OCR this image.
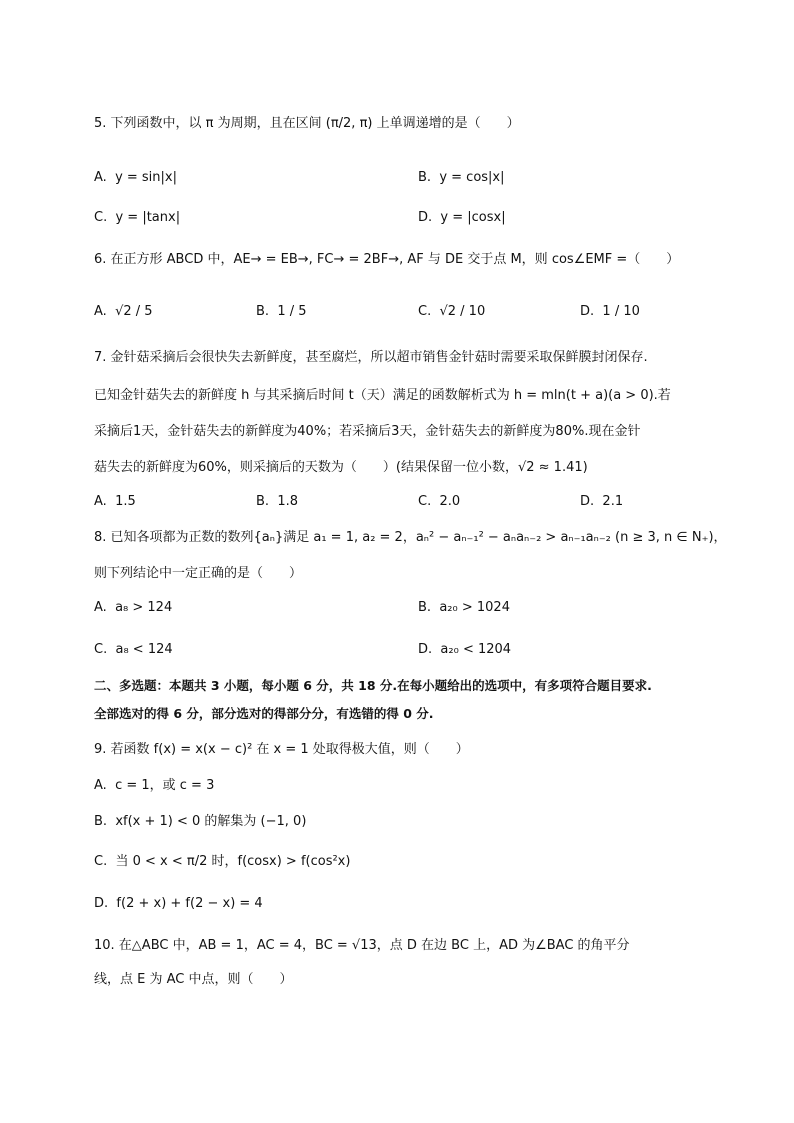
5. 下列函数中，以 π 为周期，且在区间 (π/2, π) 上单调递增的是（　　）
A. y = sin|x|	B. y = cos|x|
C. y = |tanx|	D. y = |cosx|
6. 在正方形 ABCD 中，AE→ = EB→, FC→ = 2BF→, AF 与 DE 交于点 M，则 cos∠EMF =（　　）
A. √2 / 5	B. 1 / 5	C. √2 / 10	D. 1 / 10
7. 金针菇采摘后会很快失去新鲜度，甚至腐烂，所以超市销售金针菇时需要采取保鲜膜封闭保存.
已知金针菇失去的新鲜度 h 与其采摘后时间 t（天）满足的函数解析式为 h = mln(t + a)(a > 0).若
采摘后1天，金针菇失去的新鲜度为40%；若采摘后3天，金针菇失去的新鲜度为80%.现在金针
菇失去的新鲜度为60%，则采摘后的天数为（　　）(结果保留一位小数，√2 ≈ 1.41)
A. 1.5	B. 1.8	C. 2.0	D. 2.1
8. 已知各项都为正数的数列{aₙ}满足 a₁ = 1, a₂ = 2，aₙ² − aₙ₋₁² − aₙaₙ₋₂ > aₙ₋₁aₙ₋₂ (n ≥ 3, n ∈ N₊)，
则下列结论中一定正确的是（　　）
A. a₈ > 124	B. a₂₀ > 1024
C. a₈ < 124	D. a₂₀ < 1204
二、多选题：本题共 3 小题，每小题 6 分，共 18 分.在每小题给出的选项中，有多项符合题目要求.
全部选对的得 6 分，部分选对的得部分分，有选错的得 0 分.
9. 若函数 f(x) = x(x − c)² 在 x = 1 处取得极大值，则（　　）
A. c = 1，或 c = 3
B. xf(x + 1) < 0 的解集为 (−1, 0)
C. 当 0 < x < π/2 时，f(cosx) > f(cos²x)
D. f(2 + x) + f(2 − x) = 4
10. 在△ABC 中，AB = 1，AC = 4，BC = √13，点 D 在边 BC 上，AD 为∠BAC 的角平分
线，点 E 为 AC 中点，则（　　）
